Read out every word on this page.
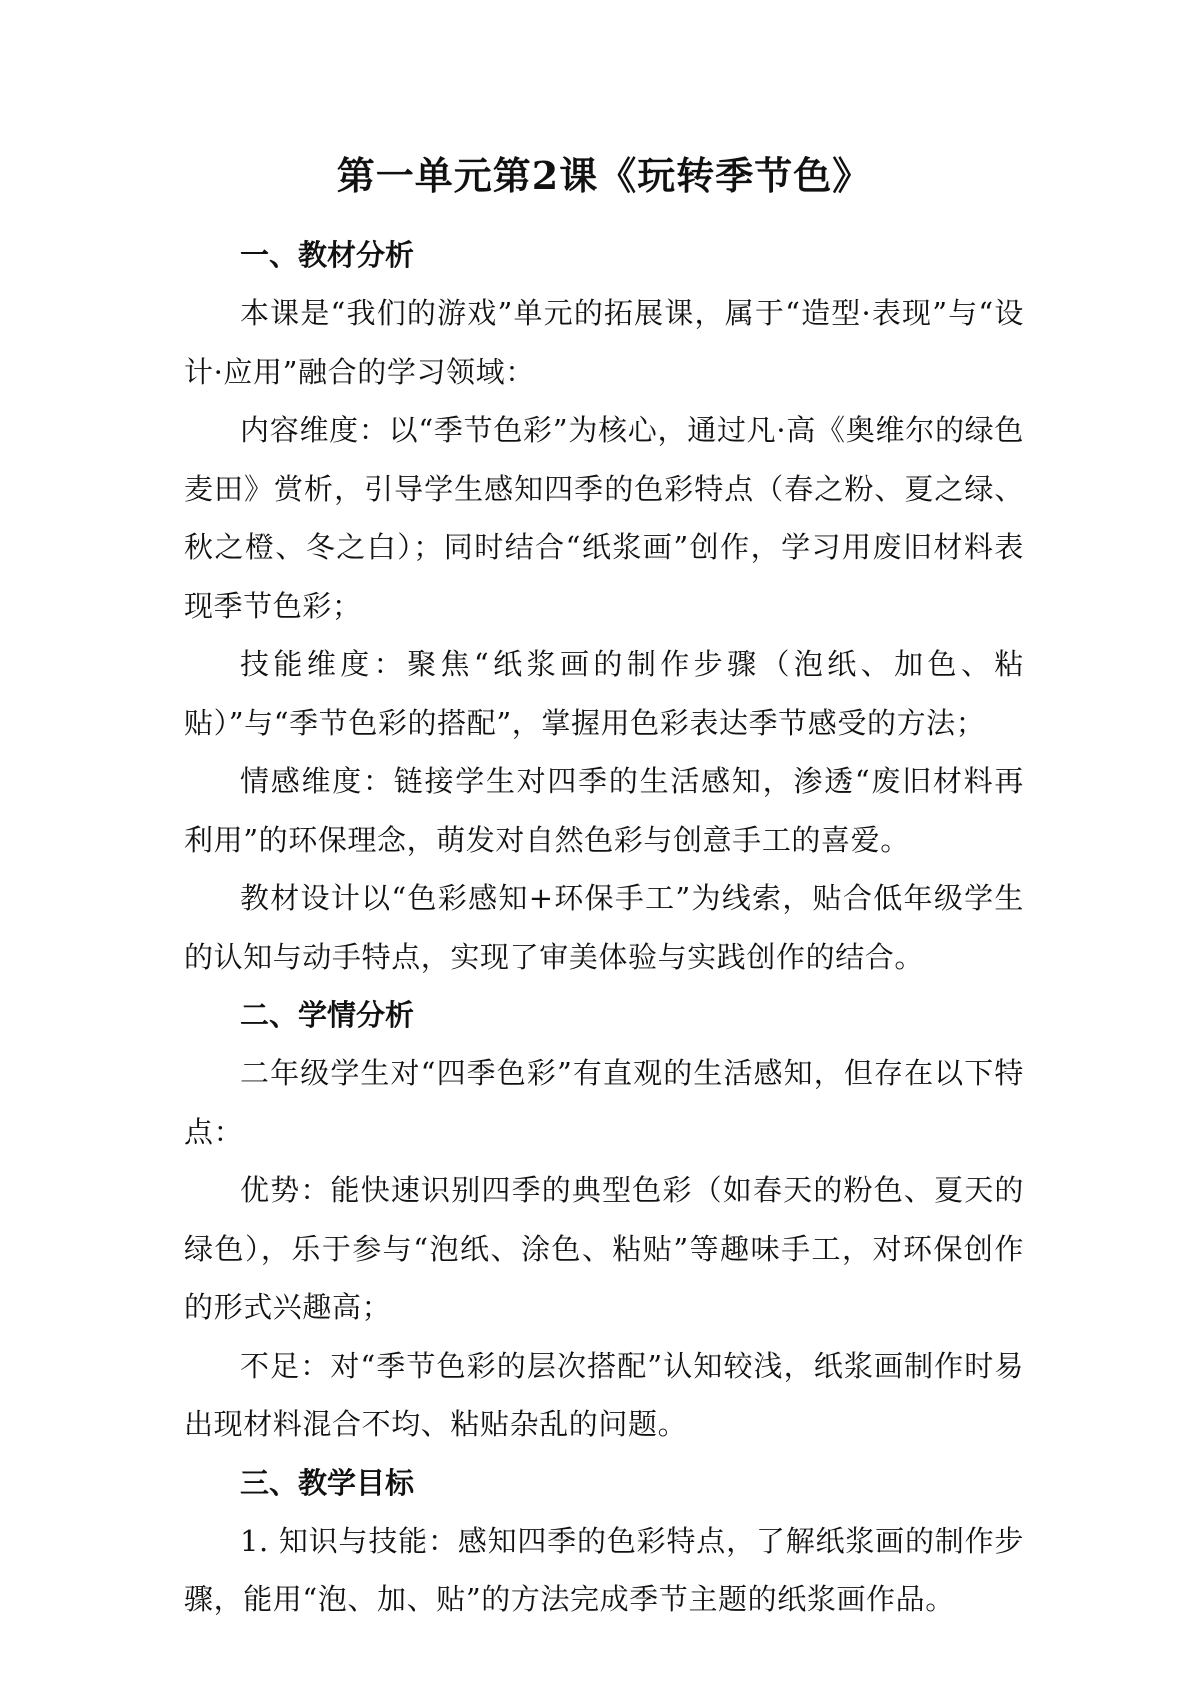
第一单元第2课《玩转季节色》
一、教材分析

本课是“我们的游戏”单元的拓展课，属于“造型·表现”与“设计·应用”融合的学习领域：

内容维度：以“季节色彩”为核心，通过凡·高《奥维尔的绿色麦田》赏析，引导学生感知四季的色彩特点（春之粉、夏之绿、秋之橙、冬之白）；同时结合“纸浆画”创作，学习用废旧材料表现季节色彩；

技能维度：聚焦“纸浆画的制作步骤（泡纸、加色、粘贴）”与“季节色彩的搭配”，掌握用色彩表达季节感受的方法；

情感维度：链接学生对四季的生活感知，渗透“废旧材料再利用”的环保理念，萌发对自然色彩与创意手工的喜爱。

教材设计以“色彩感知+环保手工”为线索，贴合低年级学生的认知与动手特点，实现了审美体验与实践创作的结合。

二、学情分析

二年级学生对“四季色彩”有直观的生活感知，但存在以下特点：

优势：能快速识别四季的典型色彩（如春天的粉色、夏天的绿色），乐于参与“泡纸、涂色、粘贴”等趣味手工，对环保创作的形式兴趣高；

不足：对“季节色彩的层次搭配”认知较浅，纸浆画制作时易出现材料混合不均、粘贴杂乱的问题。

三、教学目标

1. 知识与技能：感知四季的色彩特点，了解纸浆画的制作步骤，能用“泡、加、贴”的方法完成季节主题的纸浆画作品。
